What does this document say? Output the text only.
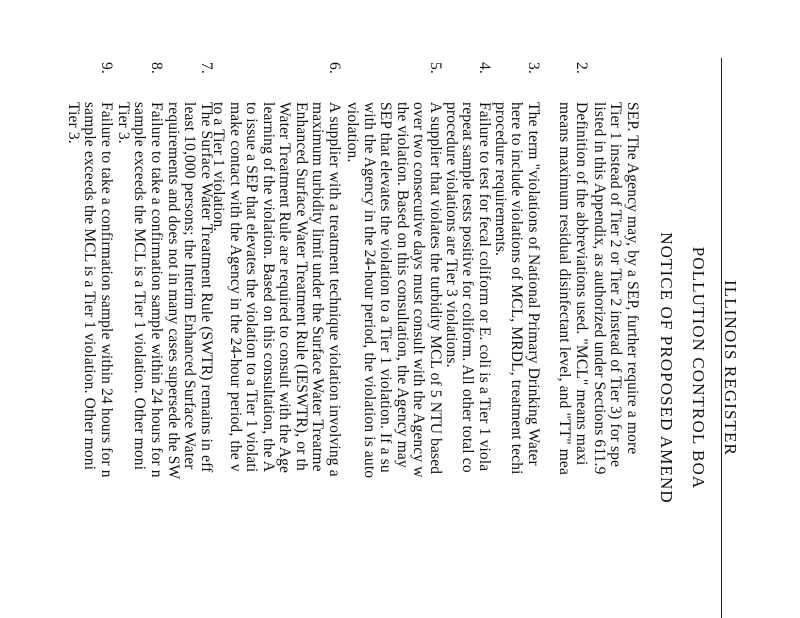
ILLINOIS REGISTER
POLLUTION CONTROL BOA
NOTICE OF PROPOSED AMEND
SEP. The Agency may, by a SEP, further require a more
Tier 1 instead of Tier 2 or Tier 2 instead of Tier 3) for spe
listed in this Appendix, as authorized under Sections 611.9
2.
Definition of the abbreviations used. "MCL" means maxi
means maximum residual disinfectant level, and "TT" mea
3.
The term "violations of National Primary Drinking Water
here to include violations of MCL, MRDL, treatment techi
procedure requirements.
4.
Failure to test for fecal coliform or E. coli is a Tier 1 viola
repeat sample tests positive for coliform. All other total co
procedure violations are Tier 3 violations.
5.
A supplier that violates the turbidity MCL of 5 NTU based
over two consecutive days must consult with the Agency w
the violation. Based on this consultation, the Agency may
SEP that elevates the violation to a Tier 1 violation. If a su
with the Agency in the 24-hour period, the violation is auto
violation.
6.
A supplier with a treatment technique violation involving a
maximum turbidity limit under the Surface Water Treatme
Enhanced Surface Water Treatment Rule (IESWTR), or th
Water Treatment Rule are required to consult with the Age
learning of the violation. Based on this consultation, the A
to issue a SEP that elevates the violation to a Tier 1 violati
make contact with the Agency in the 24-hour period, the v
to a Tier 1 violation.
7.
The Surface Water Treatment Rule (SWTR) remains in eff
least 10,000 persons; the Interim Enhanced Surface Water
requirements and does not in many cases supersede the SW
8.
Failure to take a confirmation sample within 24 hours for n
sample exceeds the MCL is a Tier 1 violation. Other moni
Tier 3.
9.
Failure to take a confirmation sample within 24 hours for n
sample exceeds the MCL is a Tier 1 violation. Other moni
Tier 3.
